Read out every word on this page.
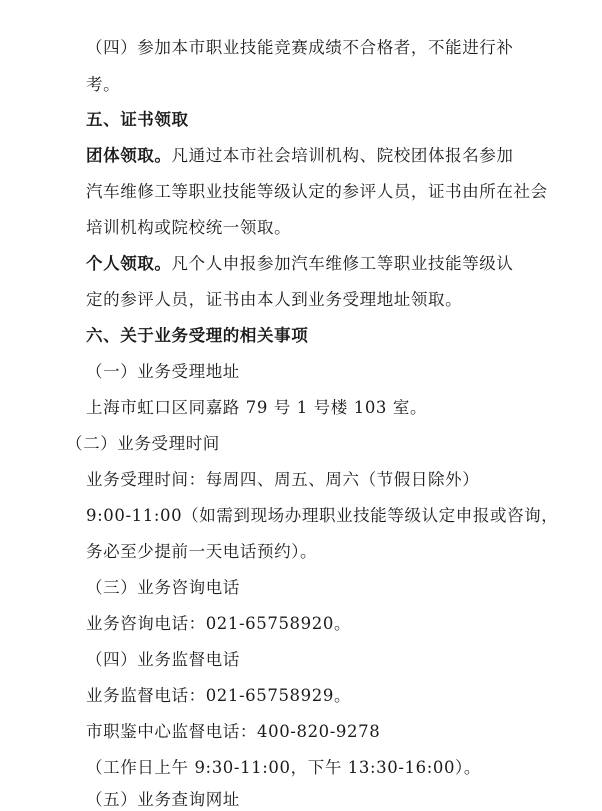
（四）参加本市职业技能竞赛成绩不合格者，不能进行补
考。
五、证书领取
团体领取。凡通过本市社会培训机构、院校团体报名参加
汽车维修工等职业技能等级认定的参评人员，证书由所在社会
培训机构或院校统一领取。
个人领取。凡个人申报参加汽车维修工等职业技能等级认
定的参评人员，证书由本人到业务受理地址领取。
六、关于业务受理的相关事项
（一）业务受理地址
上海市虹口区同嘉路 79 号 1 号楼 103 室。
（二）业务受理时间
业务受理时间：每周四、周五、周六（节假日除外）
9:00-11:00（如需到现场办理职业技能等级认定申报或咨询，
务必至少提前一天电话预约）。
（三）业务咨询电话
业务咨询电话：021-65758920。
（四）业务监督电话
业务监督电话：021-65758929。
市职鉴中心监督电话：400-820-9278
（工作日上午 9:30-11:00，下午 13:30-16:00）。
（五）业务查询网址
